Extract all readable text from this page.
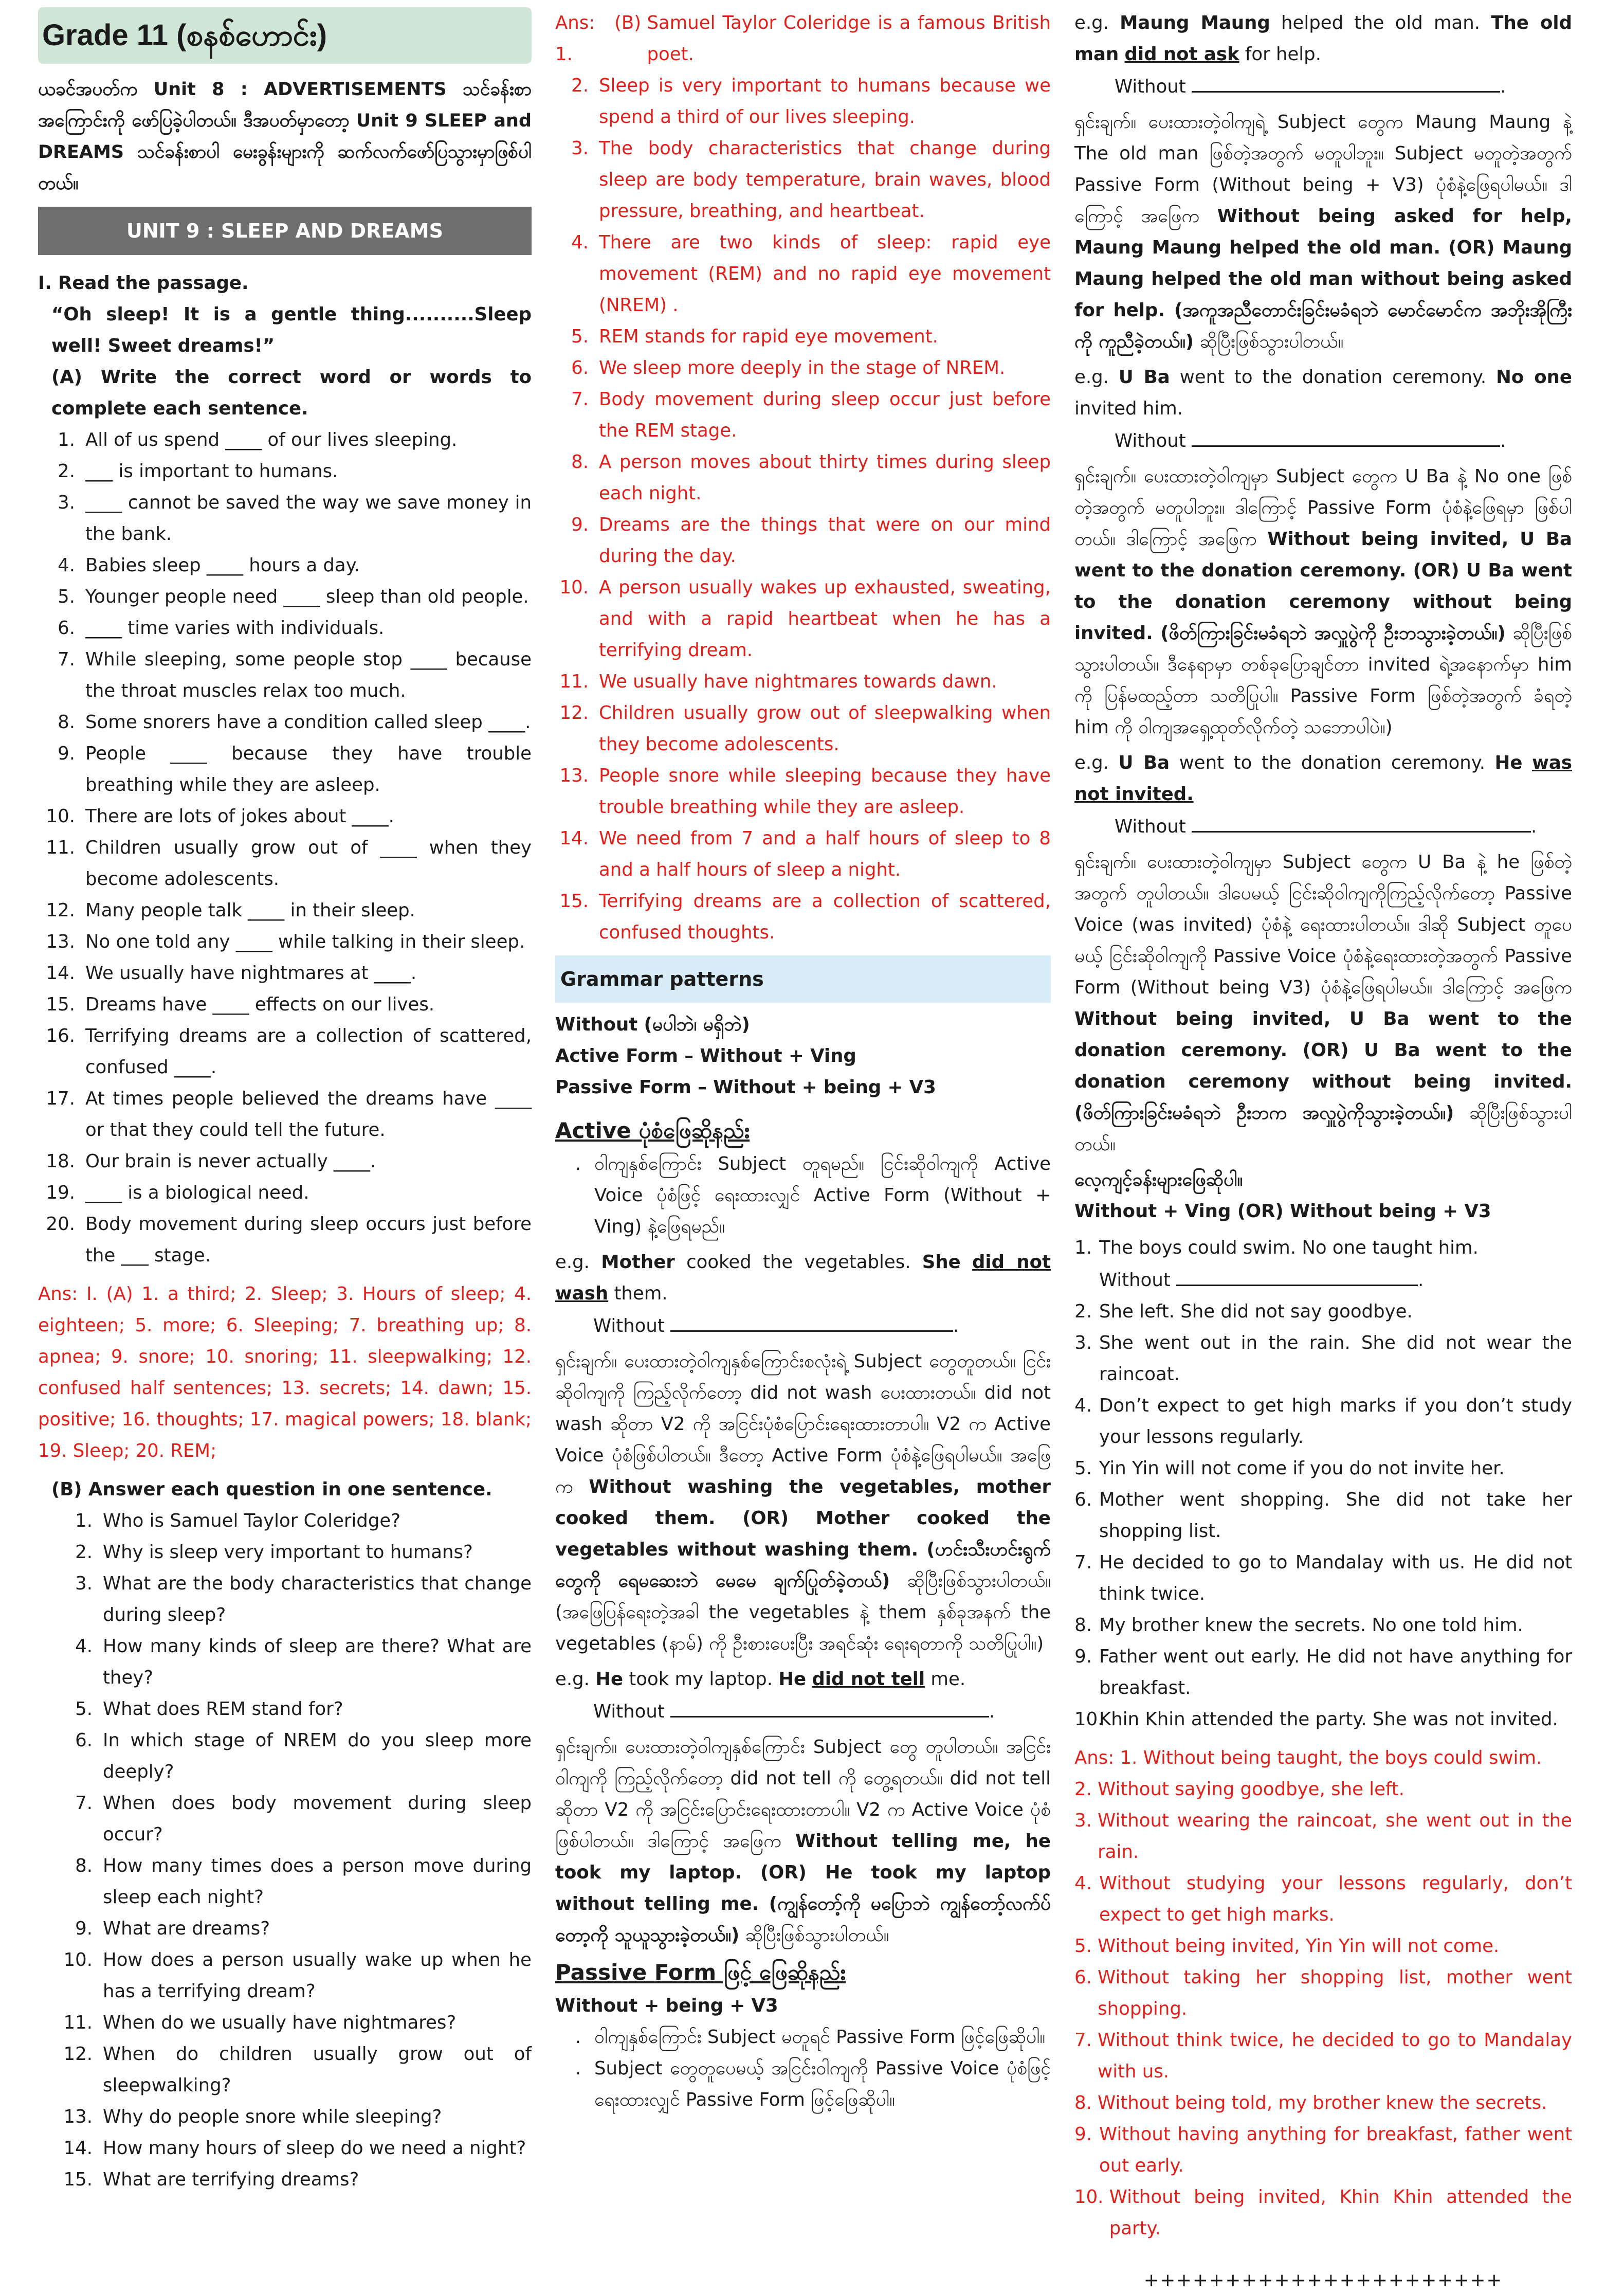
Grade 11 (စနစ်ဟောင်း)

ယခင်အပတ်က Unit 8 : ADVERTISEMENTS သင်ခန်းစာအကြောင်းကို ဖော်ပြခဲ့ပါတယ်။ ဒီအပတ်မှာတော့ Unit 9 SLEEP and DREAMS သင်ခန်းစာပါ မေးခွန်းများကို ဆက်လက်ဖော်ပြသွားမှာဖြစ်ပါတယ်။

UNIT 9 : SLEEP AND DREAMS

I. Read the passage.

“Oh sleep! It is a gentle thing..........Sleep well! Sweet dreams!”

(A) Write the correct word or words to complete each sentence.

1. All of us spend ____ of our lives sleeping.
2. ___ is important to humans.
3. ____ cannot be saved the way we save money in the bank.
4. Babies sleep ____ hours a day.
5. Younger people need ____ sleep than old people.
6. ____ time varies with individuals.
7. While sleeping, some people stop ____ because the throat muscles relax too much.
8. Some snorers have a condition called sleep ____.
9. People ____ because they have trouble breathing while they are asleep.
10. There are lots of jokes about ____.
11. Children usually grow out of ____ when they become adolescents.
12. Many people talk ____ in their sleep.
13. No one told any ____ while talking in their sleep.
14. We usually have nightmares at ____.
15. Dreams have ____ effects on our lives.
16. Terrifying dreams are a collection of scattered, confused ____.
17. At times people believed the dreams have ____ or that they could tell the future.
18. Our brain is never actually ____.
19. ____ is a biological need.
20. Body movement during sleep occurs just before the ___ stage.

Ans: I. (A) 1. a third; 2. Sleep; 3. Hours of sleep; 4. eighteen; 5. more; 6. Sleeping; 7. breathing up; 8. apnea; 9. snore; 10. snoring; 11. sleepwalking; 12. confused half sentences; 13. secrets; 14. dawn; 15. positive; 16. thoughts; 17. magical powers; 18. blank; 19. Sleep; 20. REM;

(B) Answer each question in one sentence.

1. Who is Samuel Taylor Coleridge?
2. Why is sleep very important to humans?
3. What are the body characteristics that change during sleep?
4. How many kinds of sleep are there? What are they?
5. What does REM stand for?
6. In which stage of NREM do you sleep more deeply?
7. When does body movement during sleep occur?
8. How many times does a person move during sleep each night?
9. What are dreams?
10. How does a person usually wake up when he has a terrifying dream?
11. When do we usually have nightmares?
12. When do children usually grow out of sleepwalking?
13. Why do people snore while sleeping?
14. How many hours of sleep do we need a night?
15. What are terrifying dreams?
Ans: (B) 1.

Samuel Taylor Coleridge is a famous British poet.
2. Sleep is very important to humans because we spend a third of our lives sleeping.
3. The body characteristics that change during sleep are body temperature, brain waves, blood pressure, breathing, and heartbeat.
4. There are two kinds of sleep: rapid eye movement (REM) and no rapid eye movement (NREM) .
5. REM stands for rapid eye movement.
6. We sleep more deeply in the stage of NREM.
7. Body movement during sleep occur just before the REM stage.
8. A person moves about thirty times during sleep each night.
9. Dreams are the things that were on our mind during the day.
10. A person usually wakes up exhausted, sweating, and with a rapid heartbeat when he has a terrifying dream.
11. We usually have nightmares towards dawn.
12. Children usually grow out of sleepwalking when they become adolescents.
13. People snore while sleeping because they have trouble breathing while they are asleep.
14. We need from 7 and a half hours of sleep to 8 and a half hours of sleep a night.
15. Terrifying dreams are a collection of scattered, confused thoughts.
Grammar patterns

Without (မပါဘဲ၊ မရှိဘဲ)

Active Form – Without + Ving

Passive Form – Without + being + V3

Active ပုံစံဖြေဆိုနည်း
. ဝါကျနှစ်ကြောင်း Subject တူရမည်။ ငြင်းဆိုဝါကျကို Active Voice ပုံစံဖြင့် ရေးထားလျှင် Active Form (Without + Ving) နဲ့ဖြေရမည်။

e.g. Mother cooked the vegetables. She did not wash them.

Without	.

ရှင်းချက်။ ပေးထားတဲ့ဝါကျနှစ်ကြောင်းစလုံးရဲ့ Subject တွေတူတယ်။ ငြင်းဆိုဝါကျကို ကြည့်လိုက်တော့ did not wash ပေးထားတယ်။ did not wash ဆိုတာ V2 ကို အငြင်းပုံစံပြောင်းရေးထားတာပါ။ V2 က Active Voice ပုံစံဖြစ်ပါတယ်။ ဒီတော့ Active Form ပုံစံနဲ့ဖြေရပါမယ်။ အဖြေက Without washing the vegetables, mother cooked them. (OR) Mother cooked the vegetables without washing them. (ဟင်းသီးဟင်းရွက်တွေကို ရေမဆေးဘဲ မေမေ ချက်ပြုတ်ခဲ့တယ်) ဆိုပြီးဖြစ်သွားပါတယ်။ (အဖြေပြန်ရေးတဲ့အခါ the vegetables နဲ့ them နှစ်ခုအနက် the vegetables (နာမ်) ကို ဦးစားပေးပြီး အရင်ဆုံး ရေးရတာကို သတိပြုပါ။)

e.g. He took my laptop. He did not tell me.

Without	.

ရှင်းချက်။ ပေးထားတဲ့ဝါကျနှစ်ကြောင်း Subject တွေ တူပါတယ်။ အငြင်းဝါကျကို ကြည့်လိုက်တော့ did not tell ကို တွေ့ရတယ်။ did not tell ဆိုတာ V2 ကို အငြင်းပြောင်းရေးထားတာပါ။ V2 က Active Voice ပုံစံဖြစ်ပါတယ်။ ဒါကြောင့် အဖြေက Without telling me, he took my laptop. (OR) He took my laptop without telling me. (ကျွန်တော့်ကို မပြောဘဲ ကျွန်တော့်လက်ပ်တော့ကို သူယူသွားခဲ့တယ်။) ဆိုပြီးဖြစ်သွားပါတယ်။

Passive Form ဖြင့် ဖြေဆိုနည်း

Without + being + V3

. ဝါကျနှစ်ကြောင်း Subject မတူရင် Passive Form ဖြင့်ဖြေဆိုပါ။
. Subject တွေတူပေမယ့် အငြင်းဝါကျကို Passive Voice ပုံစံဖြင့် ရေးထားလျှင် Passive Form ဖြင့်ဖြေဆိုပါ။

e.g. Maung Maung helped the old man. The old man did not ask for help.

Without	.

ရှင်းချက်။ ပေးထားတဲ့ဝါကျရဲ့ Subject တွေက Maung Maung နဲ့ The old man ဖြစ်တဲ့အတွက် မတူပါဘူး။ Subject မတူတဲ့အတွက် Passive Form (Without being + V3) ပုံစံနဲ့ဖြေရပါမယ်။ ဒါကြောင့် အဖြေက Without being asked for help, Maung Maung helped the old man. (OR) Maung Maung helped the old man without being asked for help. (အကူအညီတောင်းခြင်းမခံရဘဲ မောင်မောင်က အဘိုးအိုကြီးကို ကူညီခဲ့တယ်။) ဆိုပြီးဖြစ်သွားပါတယ်။

e.g. U Ba went to the donation ceremony. No one invited him.

Without	.

ရှင်းချက်။ ပေးထားတဲ့ဝါကျမှာ Subject တွေက U Ba နဲ့ No one ဖြစ်တဲ့အတွက် မတူပါဘူး။ ဒါကြောင့် Passive Form ပုံစံနဲ့ဖြေရမှာ ဖြစ်ပါတယ်။ ဒါကြောင့် အဖြေက Without being invited, U Ba went to the donation ceremony. (OR) U Ba went to the donation ceremony without being invited. (ဖိတ်ကြားခြင်းမခံရဘဲ အလှူပွဲကို ဦးဘသွားခဲ့တယ်။) ဆိုပြီးဖြစ်သွားပါတယ်။ ဒီနေရာမှာ တစ်ခုပြောချင်တာ invited ရဲ့အနောက်မှာ him ကို ပြန်မထည့်တာ သတိပြုပါ။ Passive Form ဖြစ်တဲ့အတွက် ခံရတဲ့ him ကို ဝါကျအရှေ့ထုတ်လိုက်တဲ့ သဘောပါပဲ။)

e.g. U Ba went to the donation ceremony. He was not invited.

Without	.

ရှင်းချက်။ ပေးထားတဲ့ဝါကျမှာ Subject တွေက U Ba နဲ့ he ဖြစ်တဲ့အတွက် တူပါတယ်။ ဒါပေမယ့် ငြင်းဆိုဝါကျကိုကြည့်လိုက်တော့ Passive Voice (was invited) ပုံစံနဲ့ ရေးထားပါတယ်။ ဒါဆို Subject တူပေမယ့် ငြင်းဆိုဝါကျကို Passive Voice ပုံစံနဲ့ရေးထားတဲ့အတွက် Passive Form (Without being V3) ပုံစံနဲ့ဖြေရပါမယ်။ ဒါကြောင့် အဖြေက Without being invited, U Ba went to the donation ceremony. (OR) U Ba went to the donation ceremony without being invited. (ဖိတ်ကြားခြင်းမခံရဘဲ ဦးဘက အလှူပွဲကိုသွားခဲ့တယ်။) ဆိုပြီးဖြစ်သွားပါတယ်။

လေ့ကျင့်ခန်းများဖြေဆိုပါ။

Without + Ving (OR) Without being + V3

1. The boys could swim. No one taught him.
Without	.
2. She left. She did not say goodbye.
3. She went out in the rain. She did not wear the raincoat.
4. Don’t expect to get high marks if you don’t study your lessons regularly.
5. Yin Yin will not come if you do not invite her.
6. Mother went shopping. She did not take her shopping list.
7. He decided to go to Mandalay with us. He did not think twice.
8. My brother knew the secrets. No one told him.
9. Father went out early. He did not have anything for breakfast.
10.
Khin Khin attended the party. She was not invited.

Ans: 1. Without being taught, the boys could swim.

2.
Without saying goodbye, she left.
3.
Without wearing the raincoat, she went out in the rain.
4. Without studying your lessons regularly, don’t expect to get high marks.
5.
Without being invited, Yin Yin will not come.
6.
Without taking her shopping list, mother went shopping.
7.
Without think twice, he decided to go to Mandalay with us.
8.
Without being told, my brother knew the secrets.
9. Without having anything for breakfast, father went out early.
10.
Without being invited, Khin Khin attended the party.

++++++++++++++++++++++
